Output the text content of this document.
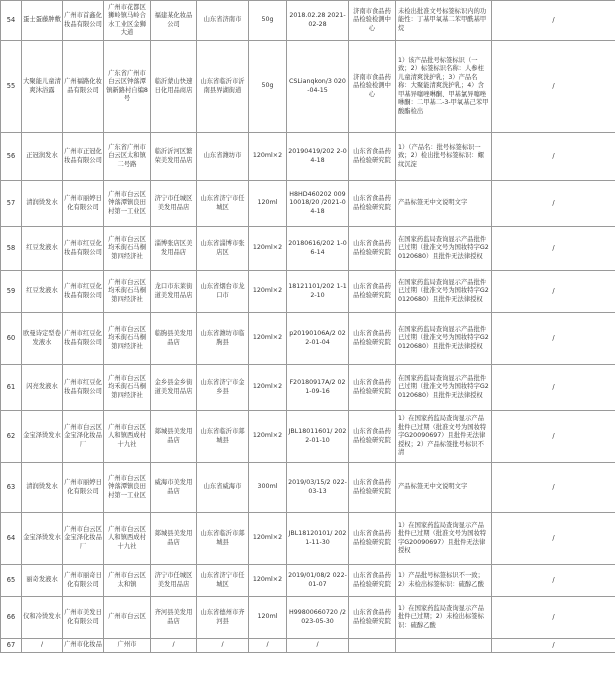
54	蛋士蛋藤肿敷	广州市首鑫化妆品有限公司	广州市花都区狮岭镇马岭合水工业区金狮大道	福建某化妆品公司	山东省济南市	50g	2018.02.28 2021-02-28	济南市食品药品检验检测中心	未检出批准文号标签标识内的功能性：丁基甲氧基二苯甲酰基甲烷	/
55	大聚能儿童清爽沐浴露	广州福路化妆品有限公司	广东省广州市白云区钟落潭镇新路村自编8号	临沂蒙山快速日化用品商店	山东省临沂市沂南县界湖街道	50g	CSLianqkon/3 020-04-15	济南市食品药品检验检测中心	1）该产品批号标签标识（一致；2）标签标识名称：人参柱儿童清爽洗护乳；3）产品名称：大聚能清爽洗护乳；4）含甲基异噻唑啉酮、甲基氯异噻唑啉酮：二甲基二-3-甲氧基己苯甲酸酯检出	/
56	正冠润发水	广州市正冠化妆品有限公司	广东省广州市白云区太和镇二号路	临沂沂河区繁荣美发用品店	山东省潍坊市	120ml×2	20190419/202 2-04-18	山东省食品药品检验研究院	1）（产品名：批号标签标识一致；2）检出批号标签标识：螺纹沉淀	/
57	清润烫发水	广州市丽婷日化有限公司	广州市白云区钟落潭镇良田村第一工业区	济宁市任城区美发用品店	山东省济宁市任城区	120ml	H8HD460202 00910018/20 /2021-04-18	山东省食品药品检验研究院	产品标签无中文说明文字	/
58	红豆发液水	广州市红豆化妆品有限公司	广州市白云区均禾街石马桐第四经济社	淄博张店区美发用品店	山东省淄博市张店区	120ml×2	20180616/202 1-06-14	山东省食品药品检验研究院	在国家药监局查询显示产品批件已过期（批准文号为国妆特字G20120680）且批件无法律授权	/
59	红豆发液水	广州市红豆化妆品有限公司	广州市白云区均禾街石马桐第四经济社	龙口市东莱街道美发用品店	山东省烟台市龙口市	120ml×2	18121101/202 1-12-10	山东省食品药品检验研究院	在国家药监局查询显示产品批件已过期（批准文号为国妆特字G20120680）且批件无法律授权	/
60	欧曼诗定型卷发液水	广州市红豆化妆品有限公司	广州市白云区均禾街石马桐第四经济社	临朐县美发用品店	山东省潍坊市临朐县	120ml×2	p20190106A/2 022-01-04	山东省食品药品检验研究院	在国家药监局查询显示产品批件已过期（批准文号为国妆特字G20120680）且批件无法律授权	/
61	闪亮发液水	广州市红豆化妆品有限公司	广州市白云区均禾街石马桐第四经济社	金乡县金乡街道美发用品店	山东省济宁市金乡县	120ml×2	F20180917A/2 021-09-16	山东省食品药品检验研究院	在国家药监局查询显示产品批件已过期（批准文号为国妆特字G20120680）且批件无法律授权	/
62	金宝泽烫发水	广州市白云区金宝泽化妆品厂	广州市白云区人和镇西成村十九社	郯城县美发用品店	山东省临沂市郯城县	120ml×2	JBL18011601/ 2022-01-10	山东省食品药品检验研究院	1）在国家药监局查询显示产品批件已过期（批准文号为国妆特字G20090697）且批件无法律授权；2）产品标签批号标识不清	/
63	清润烫发水	广州市丽婷日化有限公司	广州市白云区钟落潭镇良田村第一工业区	威海市美发用品店	山东省威海市	300ml	2019/03/15/2 022-03-13	山东省食品药品检验研究院	产品标签无中文说明文字	/
64	金宝泽烫发水	广州市白云区金宝泽化妆品厂	广州市白云区人和镇西成村十九社	郯城县美发用品店	山东省临沂市郯城县	120ml×2	JBL18120101/ 2021-11-30	山东省食品药品检验研究院	1）在国家药监局查询显示产品批件已过期（批准文号为国妆特字G20090697）且批件无法律授权	/
65	丽奇发液水	广州市丽奇日化有限公司	广州市白云区太和镇	济宁市任城区美发用品店	山东省济宁市任城区	120ml×2	2019/01/08/2 022-01-07	山东省食品药品检验研究院	1）产品批号标签标识不一致；2）未检出标签标识：硫醇乙酸	/
66	仪和冷烫发水	广州市美发日化有限公司	广州市白云区	齐河县美发用品店	山东省德州市齐河县	120ml	H99800660720 /2023-05-30	山东省食品药品检验研究院	1）在国家药监局查询显示产品批件已过期；2）未检出标签标识：硫醇乙酸	/
67	/	广州市化妆品	广州市	/	/	/	/			/
